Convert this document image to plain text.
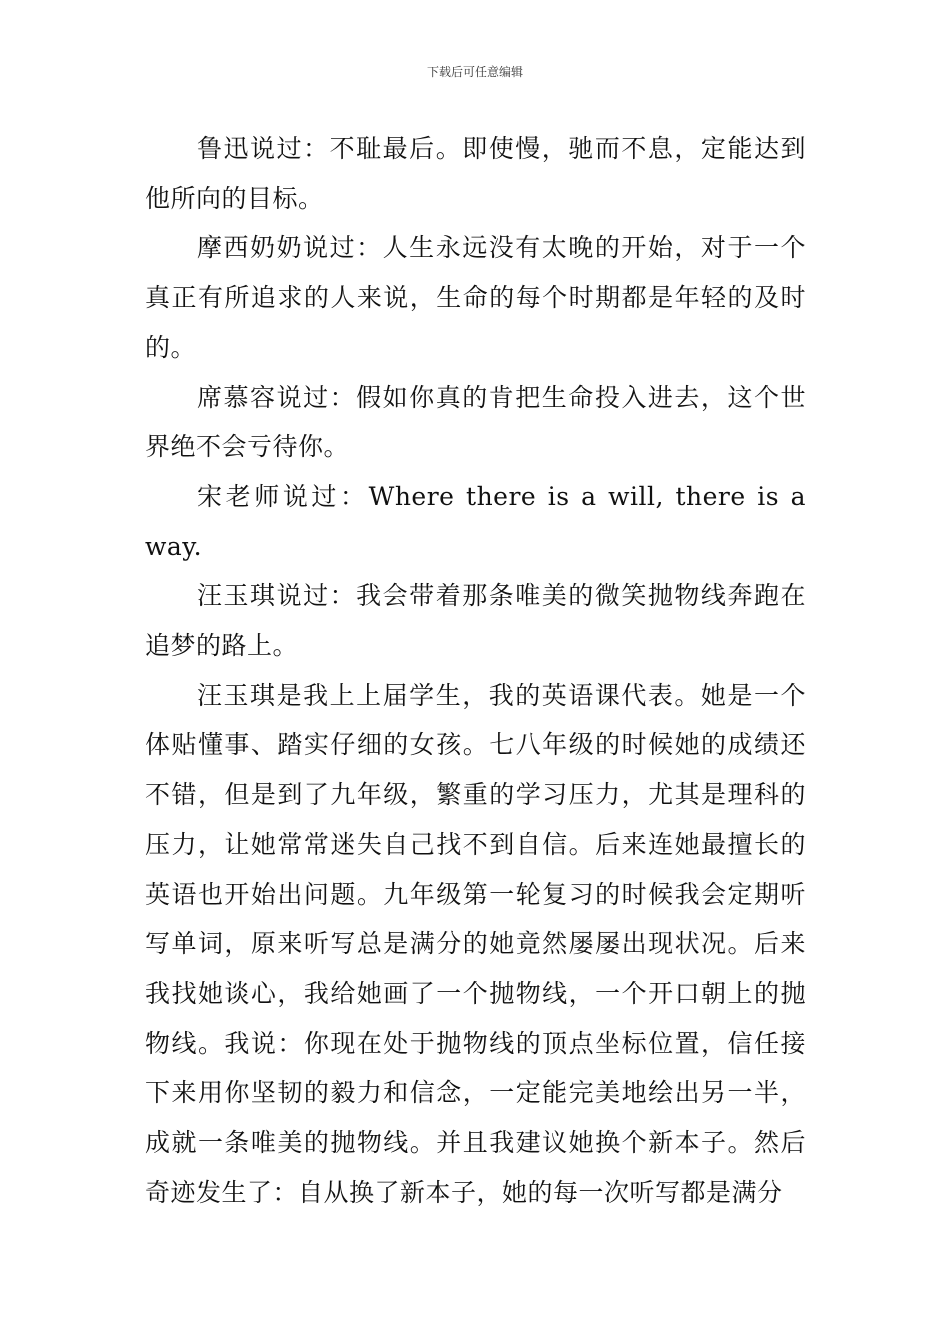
下载后可任意编辑

鲁迅说过：不耻最后。即使慢，驰而不息，定能达到他所向的目标。

摩西奶奶说过：人生永远没有太晚的开始，对于一个真正有所追求的人来说，生命的每个时期都是年轻的及时的。

席慕容说过：假如你真的肯把生命投入进去，这个世界绝不会亏待你。

宋老师说过：Where there is a will, there is a way.

汪玉琪说过：我会带着那条唯美的微笑抛物线奔跑在追梦的路上。

汪玉琪是我上上届学生，我的英语课代表。她是一个体贴懂事、踏实仔细的女孩。七八年级的时候她的成绩还不错，但是到了九年级，繁重的学习压力，尤其是理科的压力，让她常常迷失自己找不到自信。后来连她最擅长的英语也开始出问题。九年级第一轮复习的时候我会定期听写单词，原来听写总是满分的她竟然屡屡出现状况。后来我找她谈心，我给她画了一个抛物线，一个开口朝上的抛物线。我说：你现在处于抛物线的顶点坐标位置，信任接下来用你坚韧的毅力和信念，一定能完美地绘出另一半，成就一条唯美的抛物线。并且我建议她换个新本子。然后奇迹发生了：自从换了新本子，她的每一次听写都是满分
